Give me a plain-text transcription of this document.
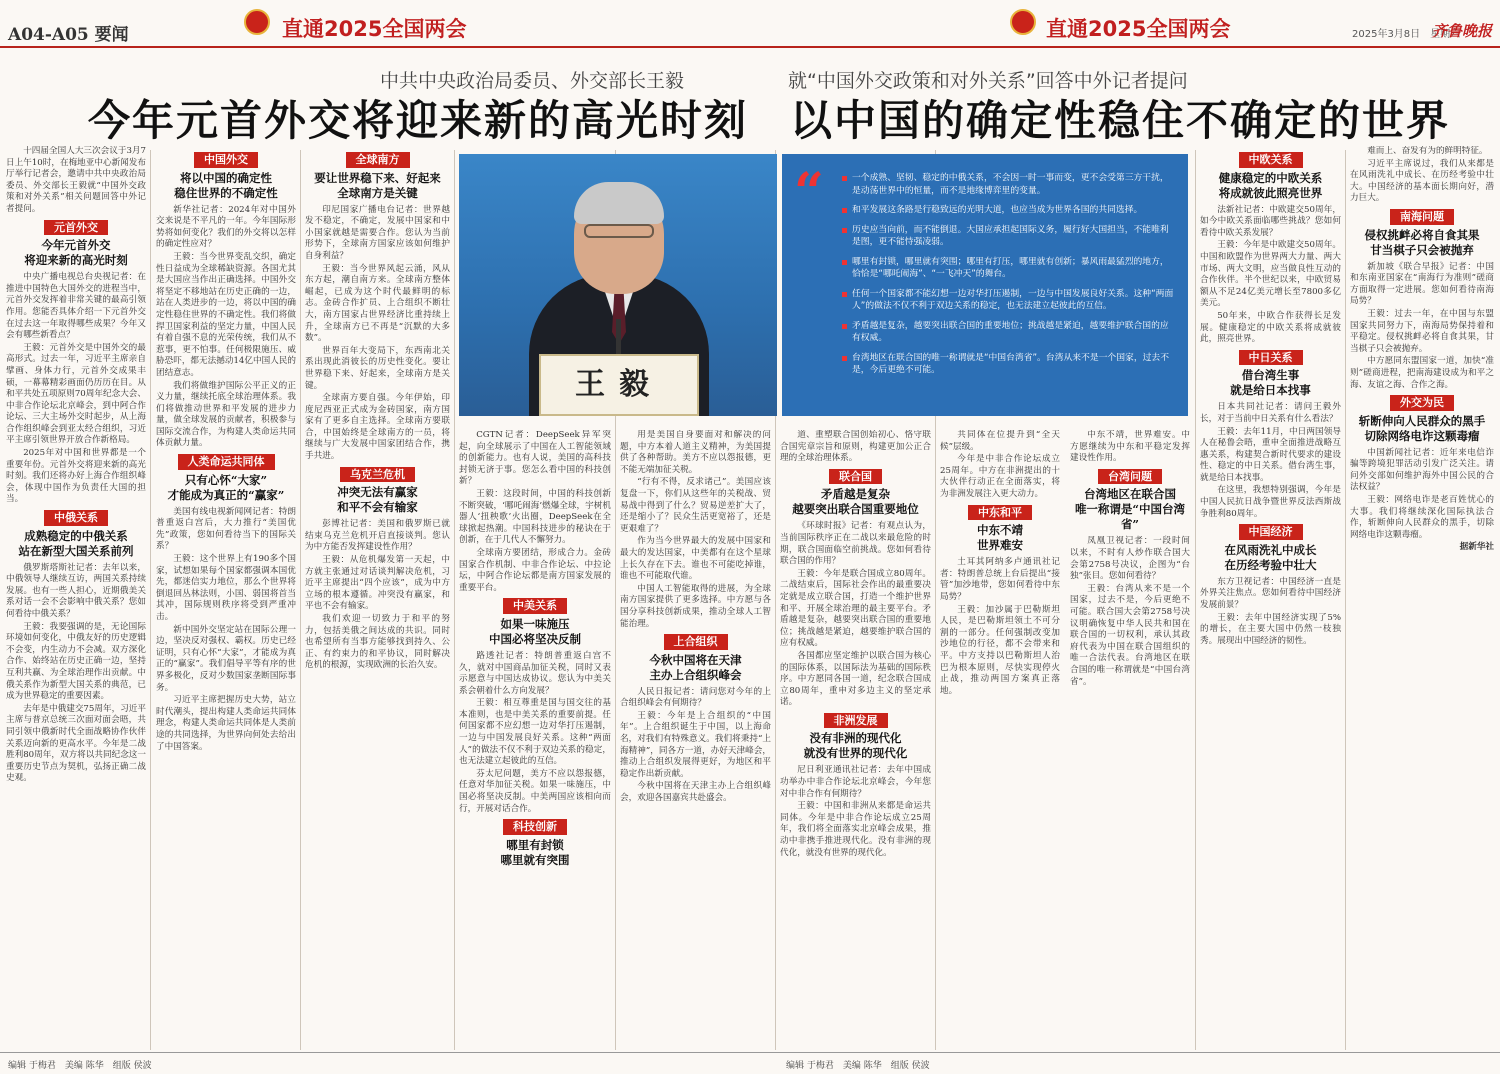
A04-A05 要闻	直通2025全国两会	直通2025全国两会	2025年3月8日　星期六
齐鲁晚报
中共中央政治局委员、外交部长王毅
今年元首外交将迎来新的高光时刻
就“中国外交政策和对外关系”回答中外记者提问
以中国的确定性稳住不确定的世界

十四届全国人大三次会议于3月7日上午10时，在梅地亚中心新闻发布厅举行记者会，邀请中共中央政治局委员、外交部长王毅就“中国外交政策和对外关系”相关问题回答中外记者提问。

元首外交
今年元首外交
将迎来新的高光时刻

中央广播电视总台央视记者：在推进中国特色大国外交的进程当中，元首外交发挥着非常关键的最高引领作用。您能否具体介绍一下元首外交在过去这一年取得哪些成果？今年又会有哪些新看点？

王毅：元首外交是中国外交的最高形式。过去一年，习近平主席亲自擘画、身体力行，元首外交成果丰硕，一幕幕精彩画面仍历历在目。从和平共处五项原则70周年纪念大会、中非合作论坛北京峰会，到中阿合作论坛、三大主场外交时起步，从上海合作组织峰会到亚太经合组织，习近平主席引领世界开放合作新格局。

2025年对中国和世界都是一个重要年份。元首外交将迎来新的高光时刻。我们还将办好上海合作组织峰会，体现中国作为负责任大国的担当。

中俄关系
成熟稳定的中俄关系
站在新型大国关系前列

俄罗斯塔斯社记者：去年以来，中俄领导人继续互访，两国关系持续发展。也有一些人担心，近期俄美关系对话一会不会影响中俄关系？您如何看待中俄关系？

王毅：我要强调的是，无论国际环境如何变化，中俄友好的历史逻辑不会变，内生动力不会减。双方深化合作、始终站在历史正确一边，坚持互利共赢、为全球治理作出贡献。中俄关系作为新型大国关系的典范，已成为世界稳定的重要因素。

去年是中俄建交75周年，习近平主席与普京总统三次面对面会晤，共同引领中俄新时代全面战略协作伙伴关系迈向新的更高水平。今年是二战胜利80周年，双方将以共同纪念这一重要历史节点为契机，弘扬正确二战史观。

中国外交
将以中国的确定性
稳住世界的不确定性

新华社记者：2024年对中国外交来说是不平凡的一年。今年国际形势将如何变化？我们的外交将以怎样的确定性应对？

王毅：当今世界变乱交织，确定性日益成为全球稀缺资源。各国尤其是大国应当作出正确选择。中国外交将坚定不移地站在历史正确的一边，站在人类进步的一边，将以中国的确定性稳住世界的不确定性。我们将做捍卫国家利益的坚定力量，中国人民有着自强不息的光荣传统，我们从不惹事，更不怕事。任何极限施压、威胁恐吓，都无法撼动14亿中国人民的团结意志。

我们将做维护国际公平正义的正义力量，继续托底全球治理体系。我们将做推动世界和平发展的进步力量，做全球发展的贡献者，积极参与国际交流合作，为构建人类命运共同体贡献力量。

人类命运共同体
只有心怀“大家”
才能成为真正的“赢家”

美国有线电视新闻网记者：特朗普重返白宫后，大力推行“美国优先”政策，您如何看待当下的国际关系？

王毅：这个世界上有190多个国家，试想如果每个国家都强调本国优先，都迷信实力地位，那么个世界将倒退回丛林法则，小国、弱国将首当其冲，国际规则秩序将受到严重冲击。

新中国外交坚定站在国际公理一边，坚决反对强权、霸权。历史已经证明，只有心怀“大家”，才能成为真正的“赢家”。我们倡导平等有序的世界多极化，反对少数国家垄断国际事务。

习近平主席把握历史大势，站立时代潮头，提出构建人类命运共同体理念，构建人类命运共同体是人类前途的共同选择，为世界向何处去给出了中国答案。

全球南方
要让世界稳下来、好起来
全球南方是关键

印尼国家广播电台记者：世界越发不稳定，不确定，发展中国家和中小国家就越是需要合作。您认为当前形势下，全球南方国家应该如何维护自身利益？

王毅：当今世界风起云涌，风从东方起，潮自南方来。全球南方整体崛起，已成为这个时代最鲜明的标志。金砖合作扩员、上合组织不断壮大，南方国家占世界经济比重持续上升，全球南方已不再是“沉默的大多数”。

世界百年大变局下，东西南北关系出现此消彼长的历史性变化。要让世界稳下来、好起来，全球南方是关键。

全球南方要自强。今年伊始，印度尼西亚正式成为金砖国家，南方国家有了更多自主选择。全球南方要联合，中国始终是全球南方的一员，将继续与广大发展中国家团结合作，携手共进。

乌克兰危机
冲突无法有赢家
和平不会有输家

彭博社记者：美国和俄罗斯已就结束乌克兰危机开启直接谈判。您认为中方能否发挥建设性作用？

王毅：从危机爆发第一天起，中方就主张通过对话谈判解决危机，习近平主席提出“四个应该”，成为中方立场的根本遵循。冲突没有赢家，和平也不会有输家。

我们欢迎一切致力于和平的努力，包括美俄之间达成的共识。同时也希望所有当事方能够找到持久、公正、有约束力的和平协议，同时解决危机的根源，实现欧洲的长治久安。

王毅
“	一个成熟、坚韧、稳定的中俄关系，不会因一时一事而变，更不会受第三方干扰，是动荡世界中的恒量，而不是地缘博弈里的变量。
和平发展这条路是行稳致远的光明大道，也应当成为世界各国的共同选择。
历史应当向前，而不能倒退。大国应承担起国际义务，履行好大国担当，不能唯利是图，更不能恃强凌弱。
哪里有封锁，哪里就有突围；哪里有打压，哪里就有创新；暴风雨最猛烈的地方，恰恰是“哪吒闹海”、“一飞冲天”的舞台。
任何一个国家都不能幻想一边对华打压遏制，一边与中国发展良好关系。这种“两面人”的做法不仅不利于双边关系的稳定，也无法建立起彼此的互信。
矛盾越是复杂，越要突出联合国的重要地位；挑战越是紧迫，越要维护联合国的应有权威。
台湾地区在联合国的唯一称谓就是“中国台湾省”。台湾从来不是一个国家，过去不是，今后更绝不可能。

CGTN记者：DeepSeek异军突起，向全球展示了中国在人工智能领域的创新能力。也有人说，美国的高科技封锁无济于事。您怎么看中国的科技创新？

王毅：这段时间，中国的科技创新不断突破，‘哪吒闹海’燃爆全球，宇树机器人‘扭秧歌’火出圈，DeepSeek在全球掀起热潮。中国科技进步的秘诀在于创新，在于几代人不懈努力。

全球南方要团结，形成合力。金砖国家合作机制、中非合作论坛、中拉论坛，中阿合作论坛都是南方国家发展的重要平台。

中美关系
如果一味施压
中国必将坚决反制

路透社记者：特朗普重返白宫不久，就对中国商品加征关税，同时又表示愿意与中国达成协议。您认为中美关系会朝着什么方向发展？

王毅：相互尊重是国与国交往的基本准则，也是中美关系的重要前提。任何国家都不应幻想一边对华打压遏制，一边与中国发展良好关系。这种“两面人”的做法不仅不利于双边关系的稳定，也无法建立起彼此的互信。

芬太尼问题，美方不应以怨报德，任意对华加征关税。如果一味施压，中国必将坚决反制。中美两国应该相向而行，开展对话合作。

科技创新
哪里有封锁
哪里就有突围

用是美国自身要面对和解决的问题，中方本着人道主义精神，为美国提供了各种帮助。美方不应以怨报德，更不能无端加征关税。

“行有不得，反求诸己”。美国应该复盘一下，你们从这些年的关税战、贸易战中得到了什么？贸易逆差扩大了，还是缩小了？民众生活更宽裕了，还是更艰难了？

作为当今世界最大的发展中国家和最大的发达国家，中美都有在这个星球上长久存在下去。谁也不可能吃掉谁，谁也不可能取代谁。

中国人工智能取得的进展，为全球南方国家提供了更多选择。中方愿与各国分享科技创新成果，推动全球人工智能治理。

上合组织
今秋中国将在天津
主办上合组织峰会

人民日报记者：请问您对今年的上合组织峰会有何期待？

王毅：今年是上合组织的“中国年”。上合组织诞生于中国，以上海命名，对我们有特殊意义。我们将秉持“上海精神”，同各方一道，办好天津峰会，推动上合组织发展得更好，为地区和平稳定作出新贡献。

今秋中国将在天津主办上合组织峰会，欢迎各国嘉宾共赴盛会。

道、重塑联合国创始初心、恪守联合国宪章宗旨和原则，构建更加公正合理的全球治理体系。

联合国
矛盾越是复杂
越要突出联合国重要地位

《环球时报》记者：有观点认为，当前国际秩序正在二战以来最危险的时期，联合国面临空前挑战。您如何看待联合国的作用？

王毅：今年是联合国成立80周年。二战结束后，国际社会作出的最重要决定就是成立联合国，打造一个维护世界和平、开展全球治理的最主要平台。矛盾越是复杂，越要突出联合国的重要地位；挑战越是紧迫，越要维护联合国的应有权威。

各国都应坚定维护以联合国为核心的国际体系，以国际法为基础的国际秩序。中方愿同各国一道，纪念联合国成立80周年，重申对多边主义的坚定承诺。

非洲发展
没有非洲的现代化
就没有世界的现代化

尼日利亚通讯社记者：去年中国成功举办中非合作论坛北京峰会，今年您对中非合作有何期待？

王毅：中国和非洲从来都是命运共同体。今年是中非合作论坛成立25周年，我们将全面落实北京峰会成果，推动中非携手推进现代化。没有非洲的现代化，就没有世界的现代化。

共同体在位提升到“全天候”层级。

今年是中非合作论坛成立25周年。中方在非洲提出的十大伙伴行动正在全面落实，将为非洲发展注入更大动力。

中东和平
中东不靖
世界难安

土耳其阿纳多卢通讯社记者：特朗普总统上台后提出“接管”加沙地带，您如何看待中东局势？

王毅：加沙属于巴勒斯坦人民，是巴勒斯坦领土不可分割的一部分。任何强制改变加沙地位的行径，都不会带来和平。中方支持以巴勒斯坦人治巴为根本原则，尽快实现停火止战，推动两国方案真正落地。

中东不靖，世界难安。中方愿继续为中东和平稳定发挥建设性作用。

台湾问题
台湾地区在联合国
唯一称谓是“中国台湾省”

凤凰卫视记者：一段时间以来，不时有人炒作联合国大会第2758号决议，企图为“台独”张目。您如何看待？

王毅：台湾从来不是一个国家，过去不是，今后更绝不可能。联合国大会第2758号决议明确恢复中华人民共和国在联合国的一切权利，承认其政府代表为中国在联合国组织的唯一合法代表。台湾地区在联合国的唯一称谓就是“中国台湾省”。

中欧关系
健康稳定的中欧关系
将成就彼此照亮世界

法新社记者：中欧建交50周年，如今中欧关系面临哪些挑战？您如何看待中欧关系发展？

王毅：今年是中欧建交50周年。中国和欧盟作为世界两大力量、两大市场、两大文明，应当做良性互动的合作伙伴。半个世纪以来，中欧贸易额从不足24亿美元增长至7800多亿美元。

50年来，中欧合作获得长足发展。健康稳定的中欧关系将成就彼此，照亮世界。

中日关系
借台湾生事
就是给日本找事

日本共同社记者：请问王毅外长，对于当前中日关系有什么看法？

王毅：去年11月，中日两国领导人在秘鲁会晤，重申全面推进战略互惠关系，构建契合新时代要求的建设性、稳定的中日关系。借台湾生事，就是给日本找事。

在这里，我想特别强调，今年是中国人民抗日战争暨世界反法西斯战争胜利80周年。

中国经济
在风雨洗礼中成长
在历经考验中壮大

东方卫视记者：中国经济一直是外界关注焦点。您如何看待中国经济发展前景？

王毅：去年中国经济实现了5%的增长，在主要大国中仍然一枝独秀。展现出中国经济的韧性。

难而上、奋发有为的鲜明特征。

习近平主席说过，我们从来都是在风雨洗礼中成长、在历经考验中壮大。中国经济的基本面长期向好，潜力巨大。

南海问题
侵权挑衅必将自食其果
甘当棋子只会被抛弃

新加坡《联合早报》记者：中国和东南亚国家在“南海行为准则”磋商方面取得一定进展。您如何看待南海局势？

王毅：过去一年，在中国与东盟国家共同努力下，南海局势保持着和平稳定。侵权挑衅必将自食其果，甘当棋子只会被抛弃。

中方愿同东盟国家一道，加快“准则”磋商进程，把南海建设成为和平之海、友谊之海、合作之海。

外交为民
斩断伸向人民群众的黑手
切除网络电诈这颗毒瘤

中国新闻社记者：近年来电信诈骗等跨境犯罪活动引发广泛关注。请问外交部如何维护海外中国公民的合法权益？

王毅：网络电诈是老百姓忧心的大事。我们将继续深化国际执法合作，斩断伸向人民群众的黑手，切除网络电诈这颗毒瘤。

据新华社
编辑 于梅君　美编 陈华　组版 侯波	编辑 于梅君　美编 陈华　组版 侯波
